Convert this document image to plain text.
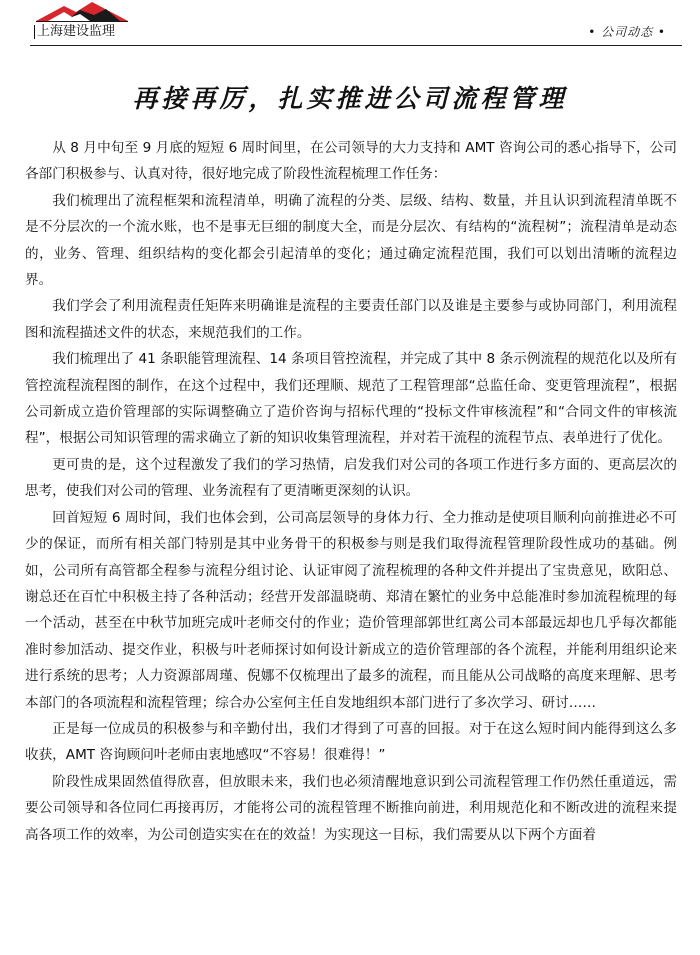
上海建设监理	• 公司动态 •
再接再厉，扎实推进公司流程管理

从 8 月中旬至 9 月底的短短 6 周时间里，在公司领导的大力支持和 AMT 咨询公司的悉心指导下，公司各部门积极参与、认真对待，很好地完成了阶段性流程梳理工作任务：

我们梳理出了流程框架和流程清单，明确了流程的分类、层级、结构、数量，并且认识到流程清单既不是不分层次的一个流水账，也不是事无巨细的制度大全，而是分层次、有结构的“流程树”；流程清单是动态的，业务、管理、组织结构的变化都会引起清单的变化；通过确定流程范围，我们可以划出清晰的流程边界。

我们学会了利用流程责任矩阵来明确谁是流程的主要责任部门以及谁是主要参与或协同部门，利用流程图和流程描述文件的状态，来规范我们的工作。

我们梳理出了 41 条职能管理流程、14 条项目管控流程，并完成了其中 8 条示例流程的规范化以及所有管控流程流程图的制作，在这个过程中，我们还理顺、规范了工程管理部“总监任命、变更管理流程”，根据公司新成立造价管理部的实际调整确立了造价咨询与招标代理的“投标文件审核流程”和“合同文件的审核流程”，根据公司知识管理的需求确立了新的知识收集管理流程，并对若干流程的流程节点、表单进行了优化。

更可贵的是，这个过程激发了我们的学习热情，启发我们对公司的各项工作进行多方面的、更高层次的思考，使我们对公司的管理、业务流程有了更清晰更深刻的认识。

回首短短 6 周时间，我们也体会到，公司高层领导的身体力行、全力推动是使项目顺利向前推进必不可少的保证，而所有相关部门特别是其中业务骨干的积极参与则是我们取得流程管理阶段性成功的基础。例如，公司所有高管都全程参与流程分组讨论、认证审阅了流程梳理的各种文件并提出了宝贵意见，欧阳总、谢总还在百忙中积极主持了各种活动；经营开发部温晓萌、郑清在繁忙的业务中总能准时参加流程梳理的每一个活动，甚至在中秋节加班完成叶老师交付的作业；造价管理部郭世红离公司本部最远却也几乎每次都能准时参加活动、提交作业，积极与叶老师探讨如何设计新成立的造价管理部的各个流程，并能利用组织论来进行系统的思考；人力资源部周瑾、倪娜不仅梳理出了最多的流程，而且能从公司战略的高度来理解、思考本部门的各项流程和流程管理；综合办公室何主任自发地组织本部门进行了多次学习、研讨……

正是每一位成员的积极参与和辛勤付出，我们才得到了可喜的回报。对于在这么短时间内能得到这么多收获，AMT 咨询顾问叶老师由衷地感叹“不容易！很难得！”

阶段性成果固然值得欣喜，但放眼未来，我们也必须清醒地意识到公司流程管理工作仍然任重道远，需要公司领导和各位同仁再接再厉，才能将公司的流程管理不断推向前进，利用规范化和不断改进的流程来提高各项工作的效率，为公司创造实实在在的效益！为实现这一目标，我们需要从以下两个方面着
